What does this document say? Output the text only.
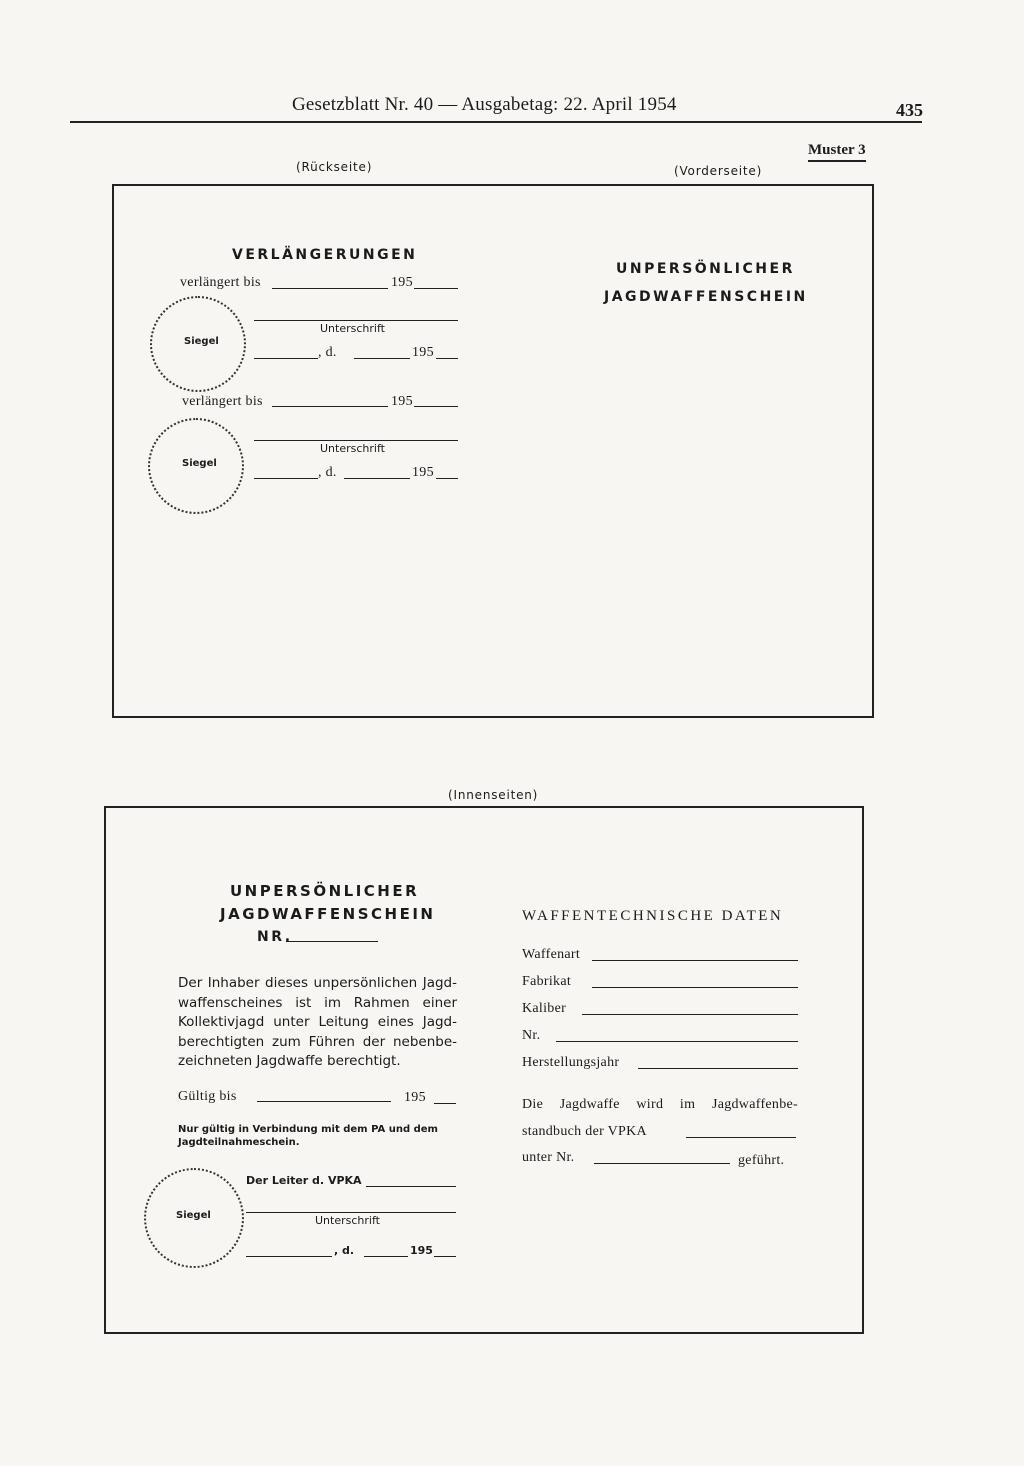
Gesetzblatt Nr. 40 — Ausgabetag: 22. April 1954	435
Muster 3
(Rückseite)	(Vorderseite)
VERLÄNGERUNGEN
verlängert bis	195
Siegel
Unterschrift
, d.	195
verlängert bis	195
Siegel
Unterschrift
, d.	195
UNPERSÖNLICHER
JAGDWAFFENSCHEIN
(Innenseiten)
UNPERSÖNLICHER
JAGDWAFFENSCHEIN
NR.
Der Inhaber dieses unpersönlichen Jagd-
waffenscheines ist im Rahmen einer
Kollektivjagd unter Leitung eines Jagd-
berechtigten zum Führen der nebenbe-
zeichneten Jagdwaffe berechtigt.
Gültig bis	195
Nur gültig in Verbindung mit dem PA und dem
Jagdteilnahmeschein.
Siegel
Der Leiter d. VPKA
Unterschrift
, d.	195
WAFFENTECHNISCHE DATEN
Waffenart
Fabrikat
Kaliber
Nr.
Herstellungsjahr
Die Jagdwaffe wird im Jagdwaffenbe-
standbuch der VPKA
unter Nr.	geführt.
